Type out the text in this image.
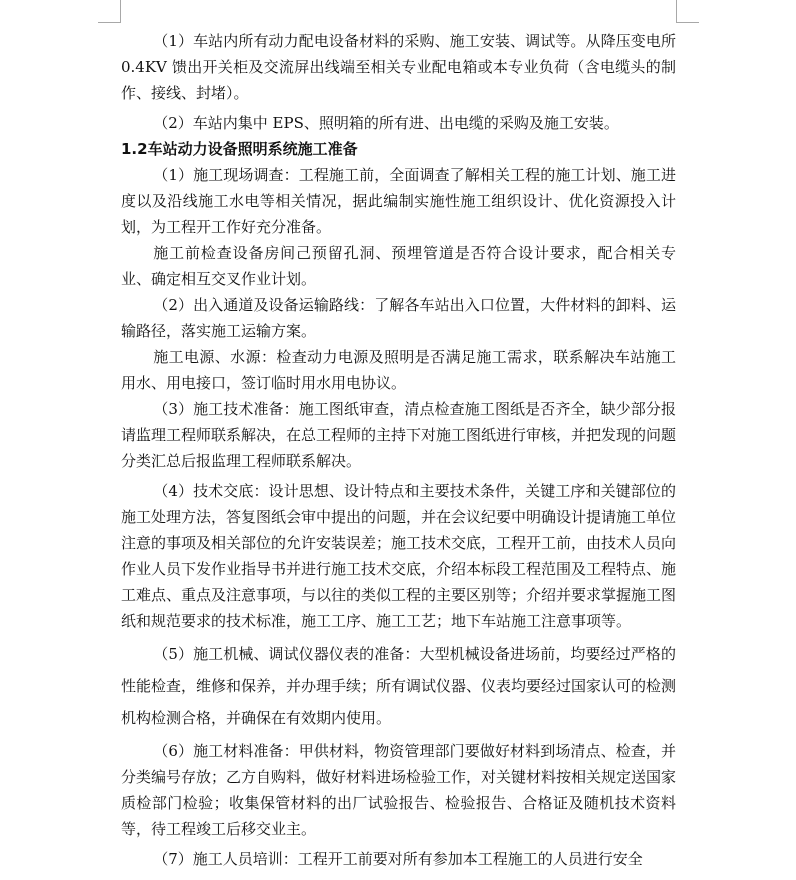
（1）车站内所有动力配电设备材料的采购、施工安装、调试等。从降压变电所 0.4KV 馈出开关柜及交流屏出线端至相关专业配电箱或本专业负荷（含电缆头的制作、接线、封堵）。

（2）车站内集中 EPS、照明箱的所有进、出电缆的采购及施工安装。

1.2车站动力设备照明系统施工准备

（1）施工现场调查：工程施工前，全面调查了解相关工程的施工计划、施工进度以及沿线施工水电等相关情况，据此编制实施性施工组织设计、优化资源投入计划，为工程开工作好充分准备。

施工前检查设备房间己预留孔洞、预埋管道是否符合设计要求，配合相关专业、确定相互交叉作业计划。

（2）出入通道及设备运输路线：了解各车站出入口位置，大件材料的卸料、运输路径，落实施工运输方案。

施工电源、水源：检查动力电源及照明是否满足施工需求，联系解决车站施工用水、用电接口，签订临时用水用电协议。

（3）施工技术准备：施工图纸审查，清点检查施工图纸是否齐全，缺少部分报请监理工程师联系解决，在总工程师的主持下对施工图纸进行审核，并把发现的问题分类汇总后报监理工程师联系解决。

（4）技术交底：设计思想、设计特点和主要技术条件，关键工序和关键部位的施工处理方法，答复图纸会审中提出的问题，并在会议纪要中明确设计提请施工单位注意的事项及相关部位的允许安装误差；施工技术交底，工程开工前，由技术人员向作业人员下发作业指导书并进行施工技术交底，介绍本标段工程范围及工程特点、施工难点、重点及注意事项，与以往的类似工程的主要区别等；介绍并要求掌握施工图纸和规范要求的技术标准，施工工序、施工工艺；地下车站施工注意事项等。

（5）施工机械、调试仪器仪表的准备：大型机械设备进场前，均要经过严格的性能检查，维修和保养，并办理手续；所有调试仪器、仪表均要经过国家认可的检测机构检测合格，并确保在有效期内使用。

（6）施工材料准备：甲供材料，物资管理部门要做好材料到场清点、检查，并分类编号存放；乙方自购料，做好材料进场检验工作，对关键材料按相关规定送国家质检部门检验；收集保管材料的出厂试验报告、检验报告、合格证及随机技术资料等，待工程竣工后移交业主。

（7）施工人员培训：工程开工前要对所有参加本工程施工的人员进行安全
